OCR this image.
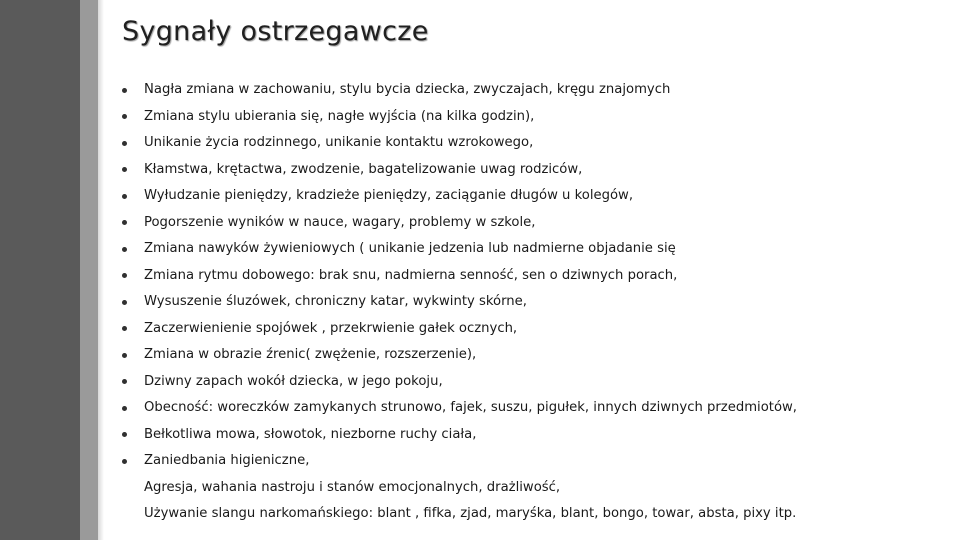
Sygnały ostrzegawcze
Nagła zmiana w zachowaniu, stylu bycia dziecka, zwyczajach, kręgu znajomych
Zmiana stylu ubierania się, nagłe wyjścia (na kilka godzin),
Unikanie życia rodzinnego, unikanie kontaktu wzrokowego,
Kłamstwa, krętactwa, zwodzenie, bagatelizowanie uwag rodziców,
Wyłudzanie pieniędzy, kradzieże pieniędzy, zaciąganie długów u kolegów,
Pogorszenie wyników w nauce, wagary, problemy w szkole,
Zmiana nawyków żywieniowych ( unikanie jedzenia lub nadmierne objadanie się
Zmiana rytmu dobowego: brak snu, nadmierna senność, sen o dziwnych porach,
Wysuszenie śluzówek, chroniczny katar, wykwinty skórne,
Zaczerwienienie spojówek , przekrwienie gałek ocznych,
Zmiana w obrazie źrenic( zwężenie, rozszerzenie),
Dziwny zapach wokół dziecka, w jego pokoju,
Obecność: woreczków zamykanych strunowo, fajek, suszu, pigułek, innych dziwnych przedmiotów,
Bełkotliwa mowa, słowotok, niezborne ruchy ciała,
Zaniedbania higieniczne,
Agresja, wahania nastroju i stanów emocjonalnych, drażliwość,
Używanie slangu narkomańskiego: blant , fifka, zjad, maryśka, blant, bongo, towar, absta, pixy itp.
